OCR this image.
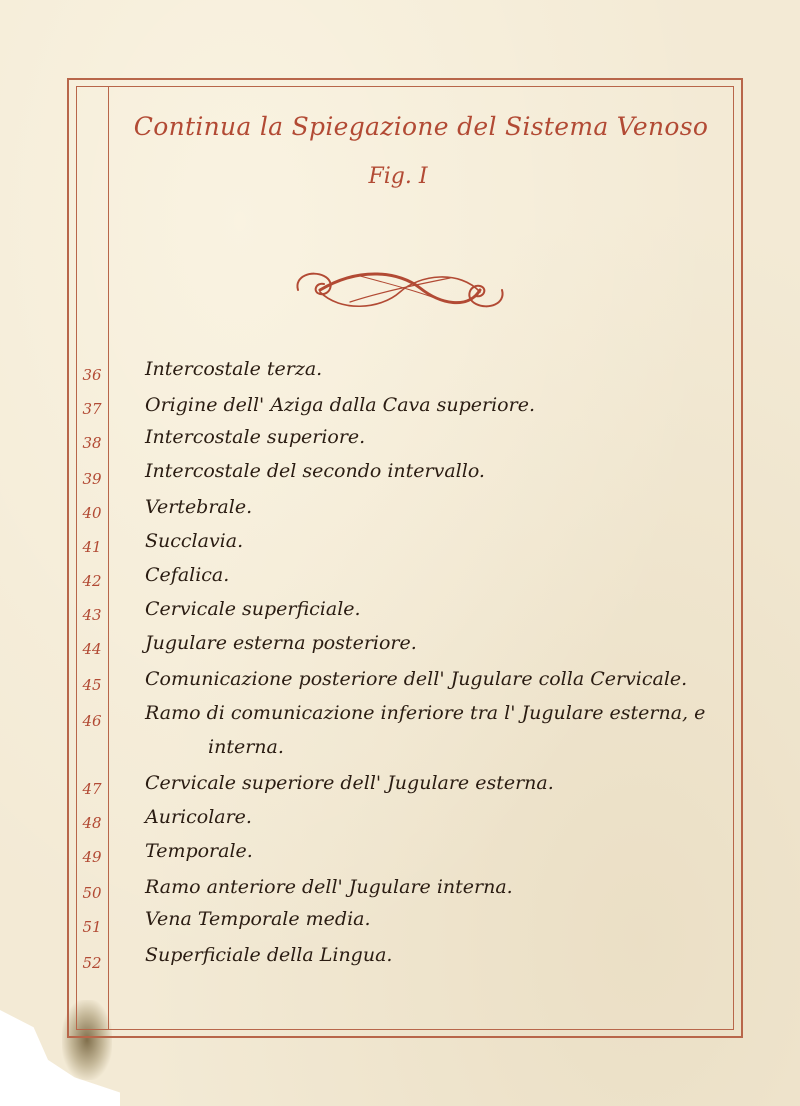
Continua la Spiegazione del Sistema Venoso
Fig. I
36 Intercostale terza.
37 Origine dell' Aziga dalla Cava superiore.
38 Intercostale superiore.
39 Intercostale del secondo intervallo.
40 Vertebrale.
41 Succlavia.
42 Cefalica.
43 Cervicale superficiale.
44 Jugulare esterna posteriore.
45 Comunicazione posteriore dell' Jugulare colla Cervicale.
46 Ramo di comunicazione inferiore tra l' Jugulare esterna, e
interna.
47 Cervicale superiore dell' Jugulare esterna.
48 Auricolare.
49 Temporale.
50 Ramo anteriore dell' Jugulare interna.
51 Vena Temporale media.
52 Superficiale della Lingua.
